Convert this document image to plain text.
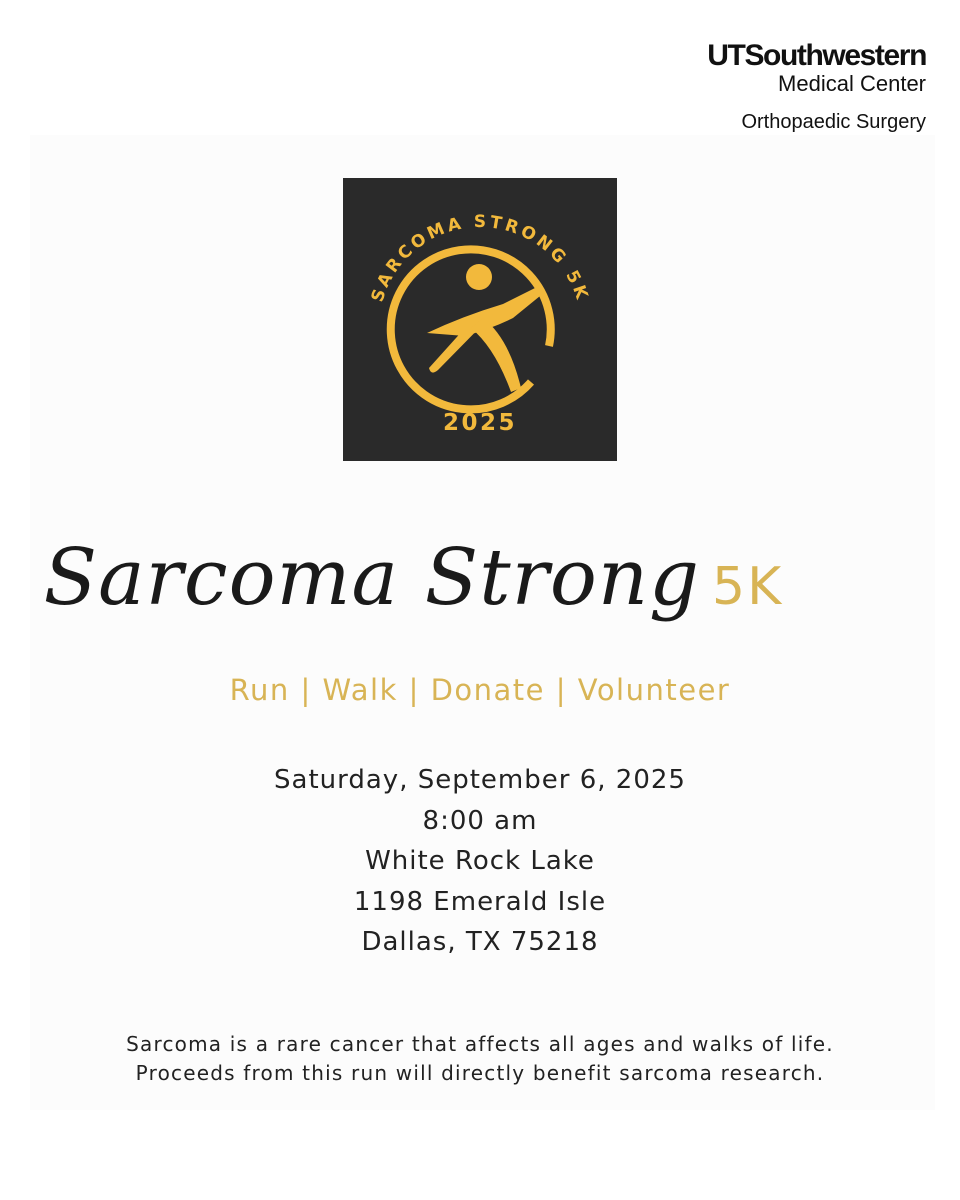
UTSouthwestern
Medical Center
Orthopaedic Surgery
SARCOMA STRONG 5K
2025
Sarcoma Strong 5K
Run | Walk | Donate | Volunteer
Saturday, September 6, 2025
8:00 am
White Rock Lake
1198 Emerald Isle
Dallas, TX 75218
Sarcoma is a rare cancer that affects all ages and walks of life.
Proceeds from this run will directly benefit sarcoma research.
